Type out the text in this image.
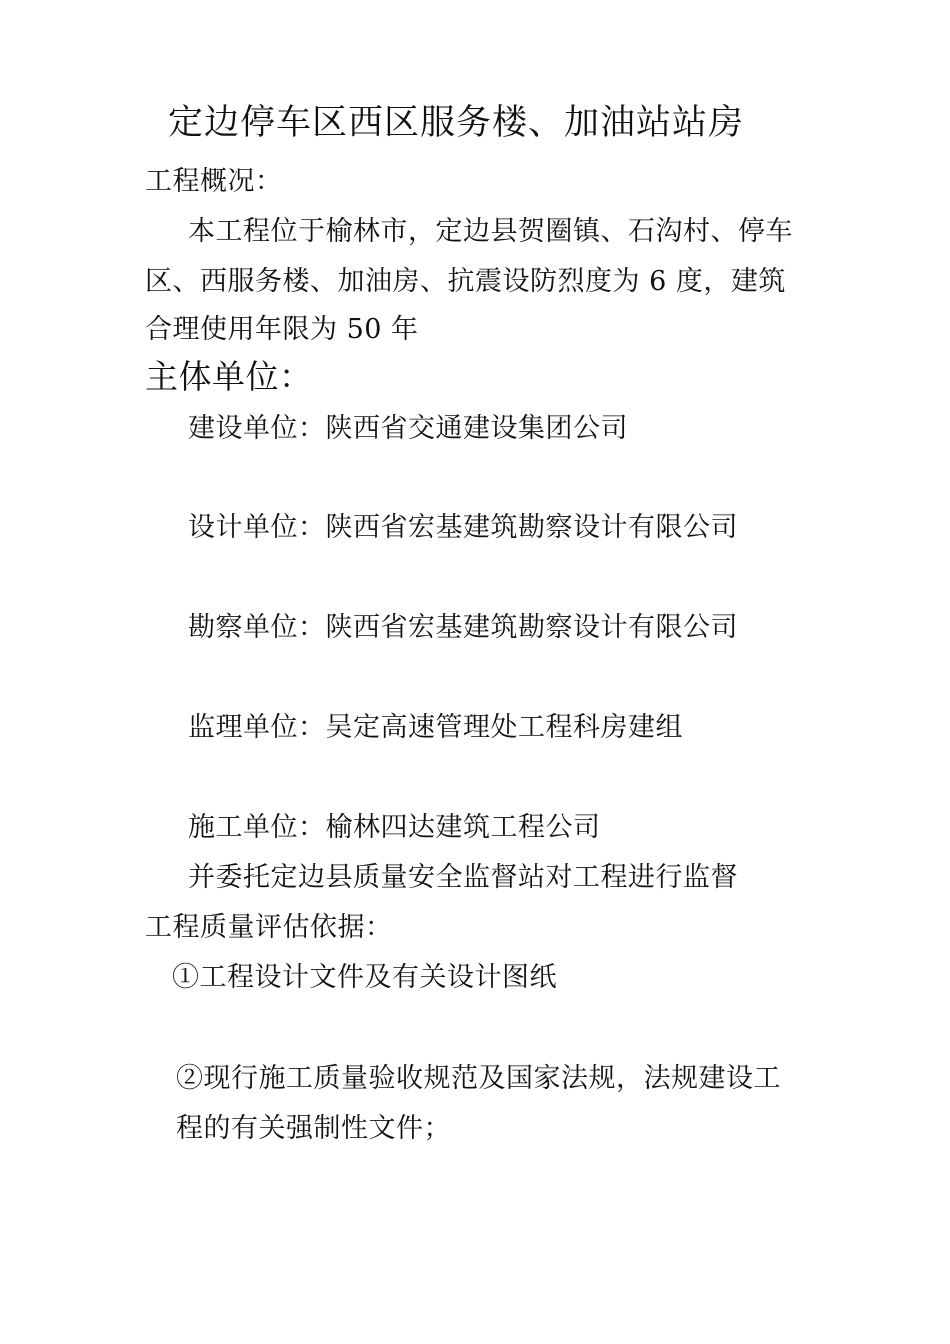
定边停车区西区服务楼、加油站站房
工程概况：
本工程位于榆林市，定边县贺圈镇、石沟村、停车
区、西服务楼、加油房、抗震设防烈度为 6 度，建筑
合理使用年限为 50 年
主体单位：
建设单位：陕西省交通建设集团公司
设计单位：陕西省宏基建筑勘察设计有限公司
勘察单位：陕西省宏基建筑勘察设计有限公司
监理单位：吴定高速管理处工程科房建组
施工单位：榆林四达建筑工程公司
并委托定边县质量安全监督站对工程进行监督
工程质量评估依据：
①工程设计文件及有关设计图纸
②现行施工质量验收规范及国家法规，法规建设工
程的有关强制性文件；
